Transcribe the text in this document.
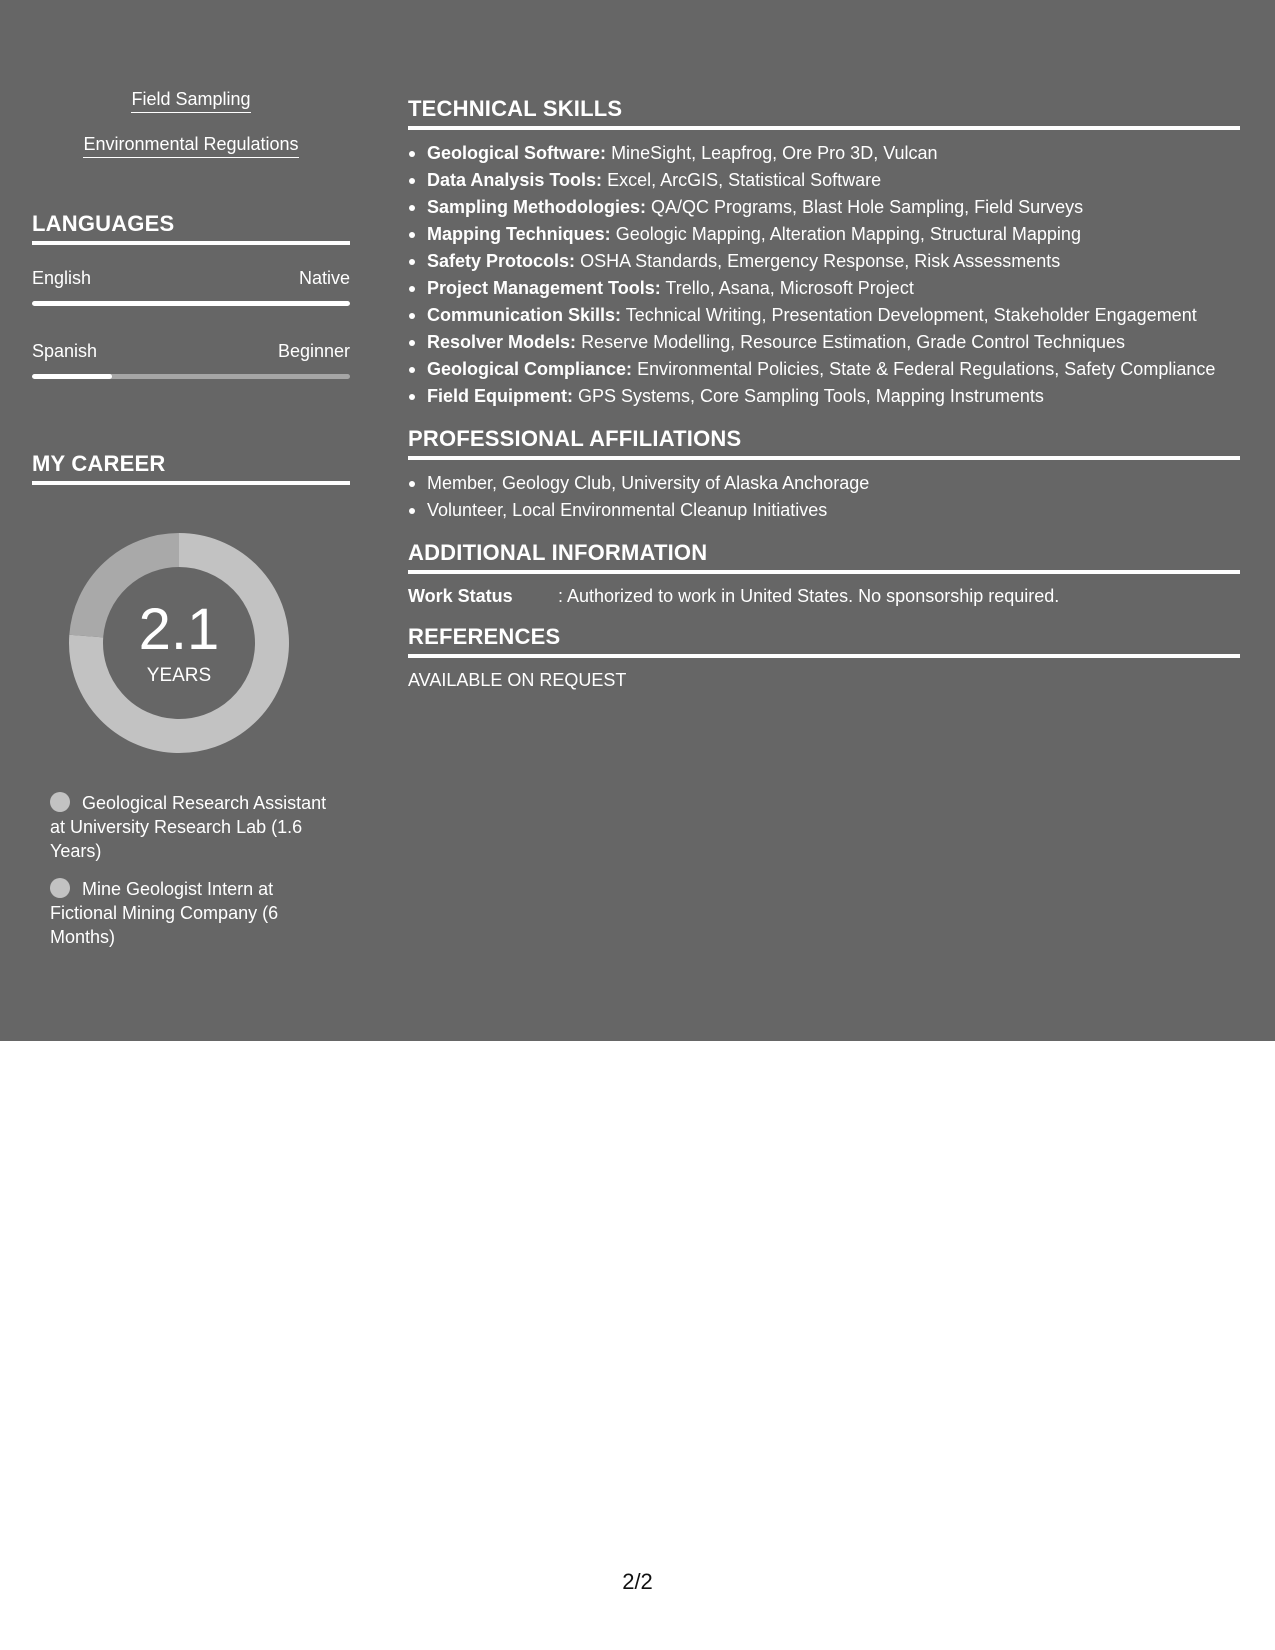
Field Sampling
Environmental Regulations
LANGUAGES
English	Native
Spanish	Beginner
MY CAREER
2.1
YEARS
Geological Research Assistant at University Research Lab (1.6 Years)
Mine Geologist Intern at Fictional Mining Company (6 Months)
TECHNICAL SKILLS
Geological Software: MineSight, Leapfrog, Ore Pro 3D, Vulcan
Data Analysis Tools: Excel, ArcGIS, Statistical Software
Sampling Methodologies: QA/QC Programs, Blast Hole Sampling, Field Surveys
Mapping Techniques: Geologic Mapping, Alteration Mapping, Structural Mapping
Safety Protocols: OSHA Standards, Emergency Response, Risk Assessments
Project Management Tools: Trello, Asana, Microsoft Project
Communication Skills: Technical Writing, Presentation Development, Stakeholder Engagement
Resolver Models: Reserve Modelling, Resource Estimation, Grade Control Techniques
Geological Compliance: Environmental Policies, State & Federal Regulations, Safety Compliance
Field Equipment: GPS Systems, Core Sampling Tools, Mapping Instruments
PROFESSIONAL AFFILIATIONS
Member, Geology Club, University of Alaska Anchorage
Volunteer, Local Environmental Cleanup Initiatives
ADDITIONAL INFORMATION
Work Status	: Authorized to work in United States. No sponsorship required.
REFERENCES
AVAILABLE ON REQUEST
2/2
